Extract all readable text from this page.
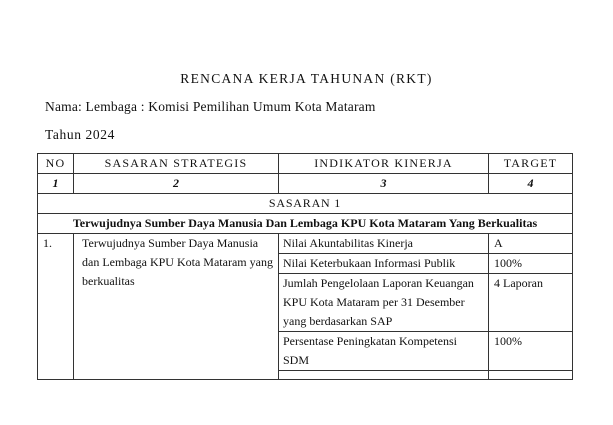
RENCANA KERJA TAHUNAN (RKT)
Nama: Lembaga : Komisi Pemilihan Umum Kota Mataram
Tahun 2024
NO	SASARAN STRATEGIS	INDIKATOR KINERJA	TARGET
1	2	3	4
SASARAN 1			
Terwujudnya Sumber Daya Manusia Dan Lembaga KPU Kota Mataram Yang Berkualitas			
1.	Terwujudnya Sumber Daya Manusia dan Lembaga KPU Kota Mataram yang berkualitas	Nilai Akuntabilitas Kinerja	A
		Nilai Keterbukaan Informasi Publik	100%
		Jumlah Pengelolaan Laporan Keuangan KPU Kota Mataram per 31 Desember yang berdasarkan SAP	4 Laporan
		Persentase Peningkatan Kompetensi SDM	100%
